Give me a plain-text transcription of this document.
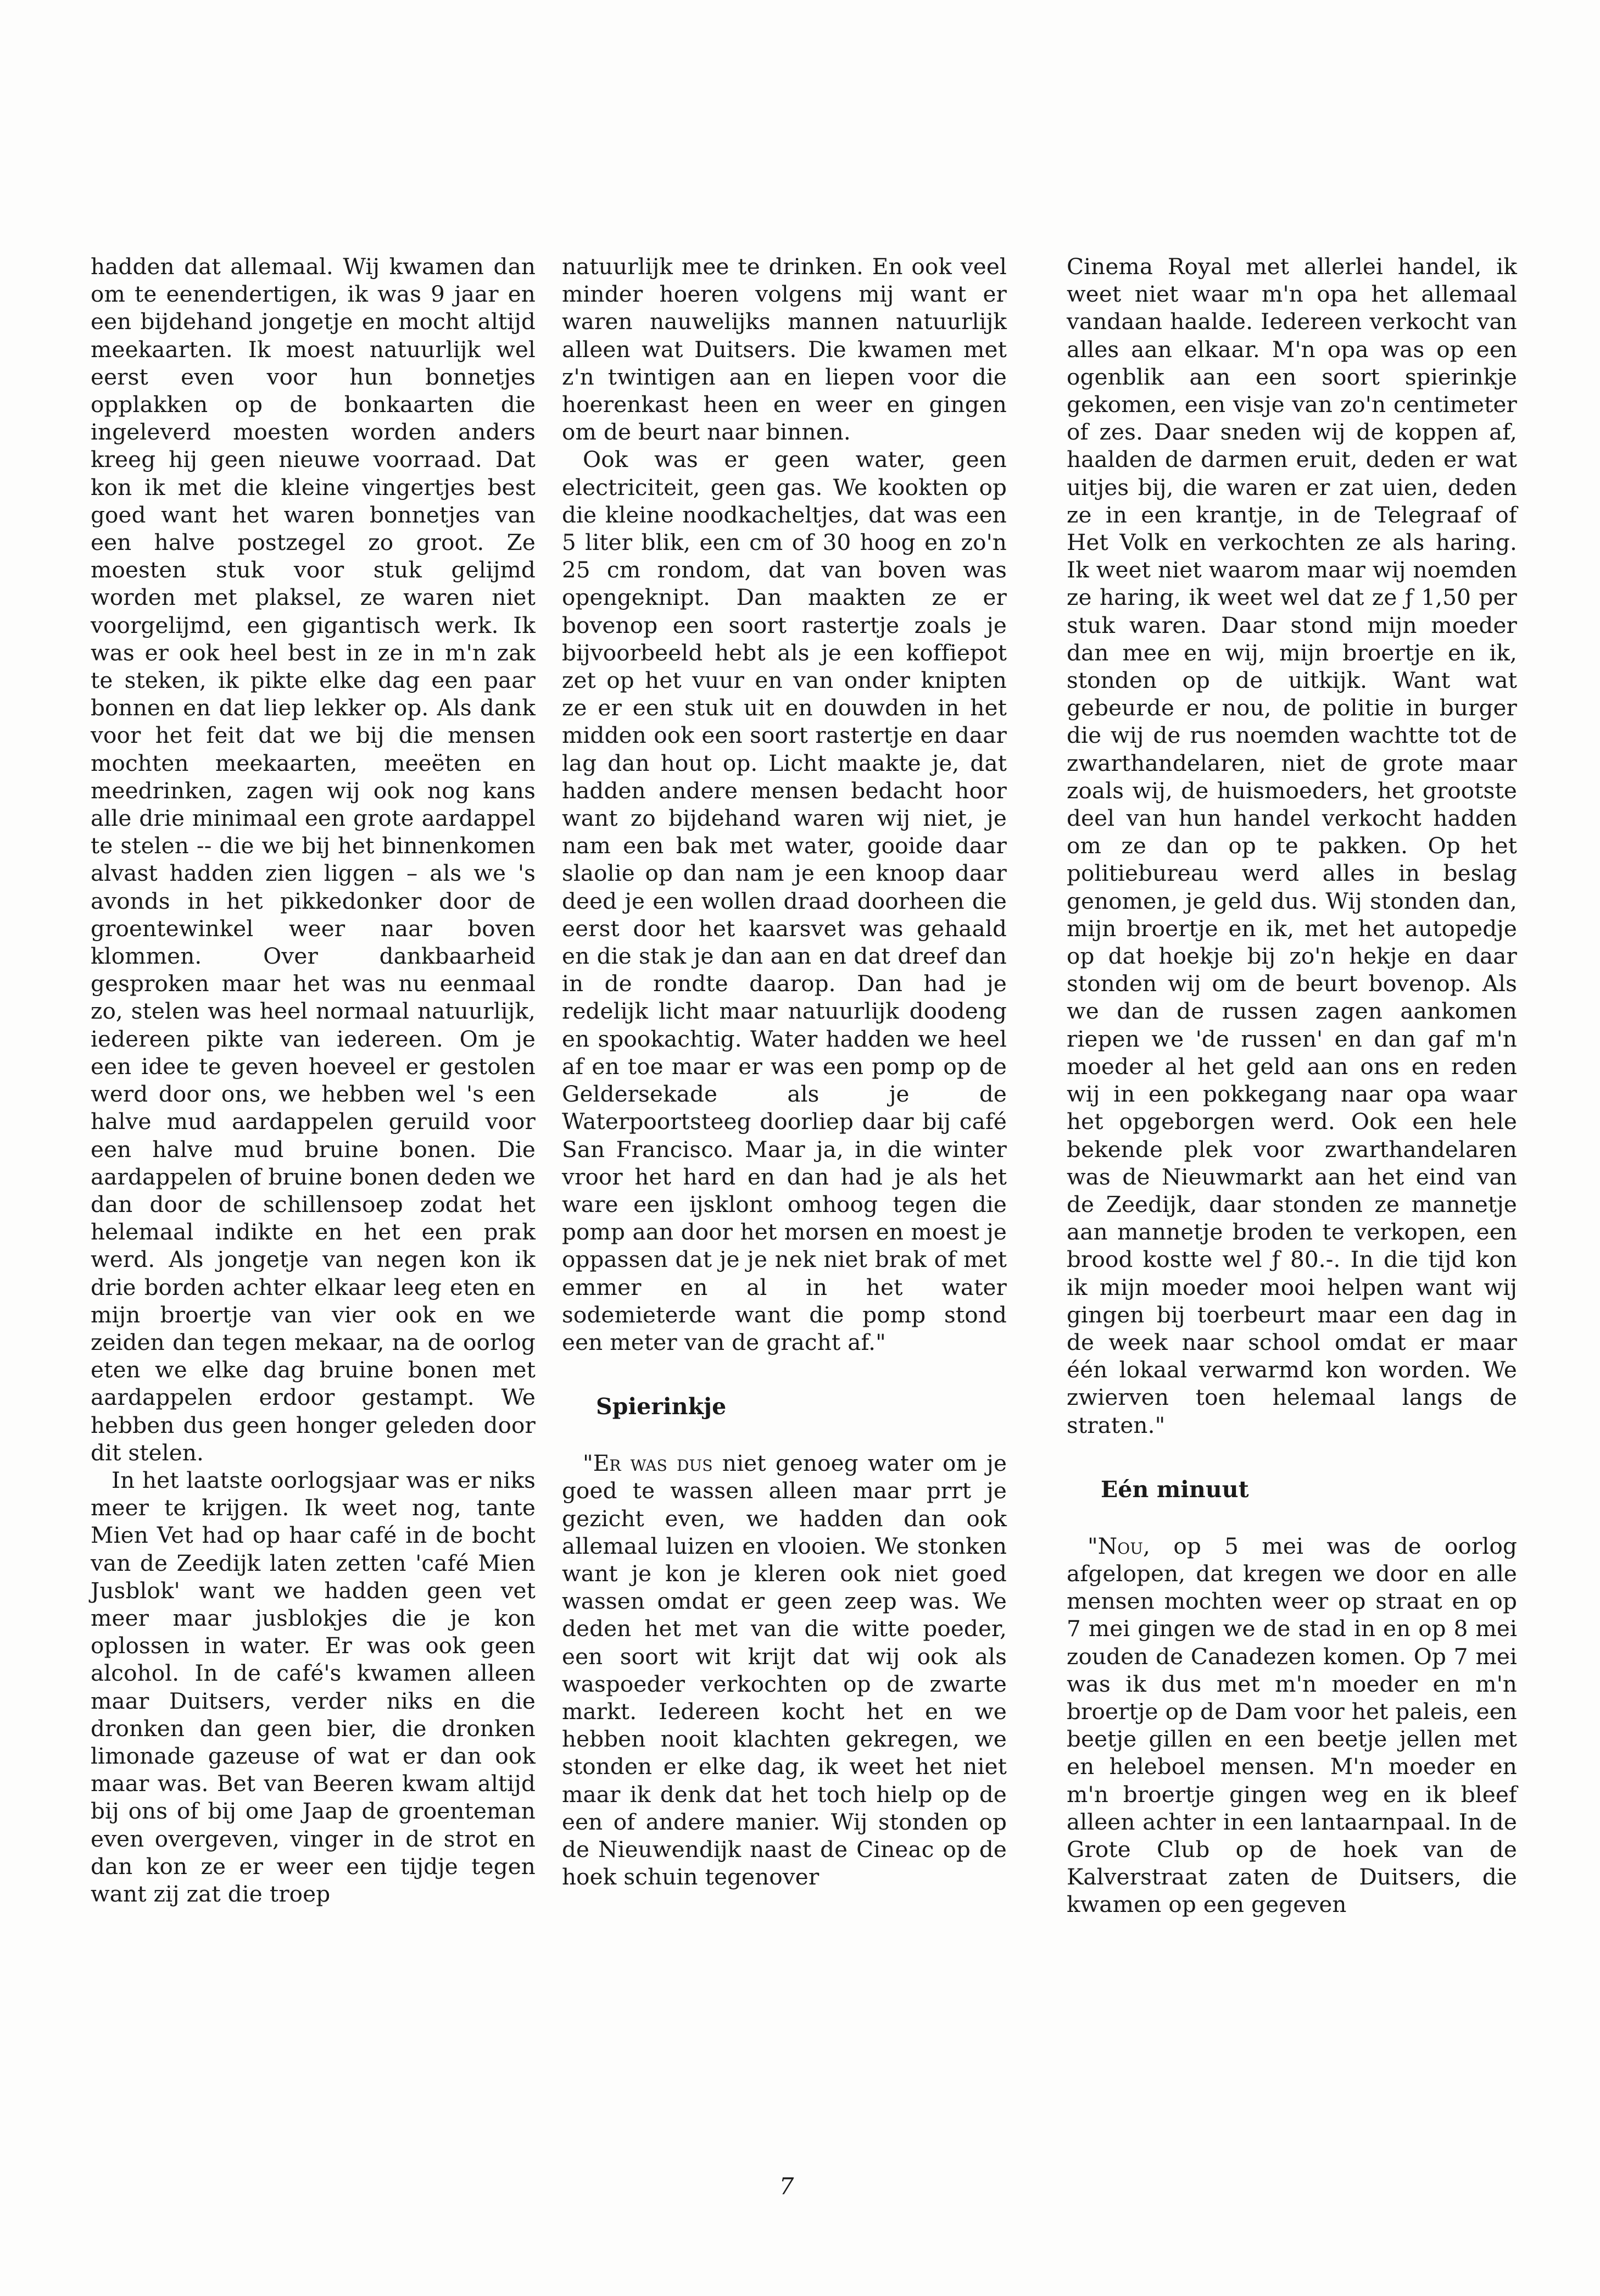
hadden dat allemaal. Wij kwamen dan om te eenendertigen, ik was 9 jaar en een bijdehand jongetje en mocht altijd meekaarten. Ik moest natuurlijk wel eerst even voor hun bonnetjes opplakken op de bonkaarten die ingeleverd moesten worden anders kreeg hij geen nieuwe voorraad. Dat kon ik met die kleine vingertjes best goed want het waren bonnetjes van een halve postzegel zo groot. Ze moesten stuk voor stuk gelijmd worden met plaksel, ze waren niet voorgelijmd, een gigantisch werk. Ik was er ook heel best in ze in m'n zak te steken, ik pikte elke dag een paar bonnen en dat liep lekker op. Als dank voor het feit dat we bij die mensen mochten meekaarten, meeëten en meedrinken, zagen wij ook nog kans alle drie minimaal een grote aardappel te stelen -- die we bij het binnenkomen alvast hadden zien liggen – als we 's avonds in het pikkedonker door de groentewinkel weer naar boven klommen. Over dankbaarheid gesproken maar het was nu eenmaal zo, stelen was heel normaal natuurlijk, iedereen pikte van iedereen. Om je een idee te geven hoeveel er gestolen werd door ons, we hebben wel 's een halve mud aardappelen geruild voor een halve mud bruine bonen. Die aardappelen of bruine bonen deden we dan door de schillensoep zodat het helemaal indikte en het een prak werd. Als jongetje van negen kon ik drie borden achter elkaar leeg eten en mijn broertje van vier ook en we zeiden dan tegen mekaar, na de oorlog eten we elke dag bruine bonen met aardappelen erdoor gestampt. We hebben dus geen honger geleden door dit stelen.

In het laatste oorlogsjaar was er niks meer te krijgen. Ik weet nog, tante Mien Vet had op haar café in de bocht van de Zeedijk laten zetten 'café Mien Jusblok' want we hadden geen vet meer maar jusblokjes die je kon oplossen in water. Er was ook geen alcohol. In de café's kwamen alleen maar Duitsers, verder niks en die dronken dan geen bier, die dronken limonade gazeuse of wat er dan ook maar was. Bet van Beeren kwam altijd bij ons of bij ome Jaap de groenteman even overgeven, vinger in de strot en dan kon ze er weer een tijdje tegen want zij zat die troep

natuurlijk mee te drinken. En ook veel minder hoeren volgens mij want er waren nauwelijks mannen natuurlijk alleen wat Duitsers. Die kwamen met z'n twintigen aan en liepen voor die hoerenkast heen en weer en gingen om de beurt naar binnen.

Ook was er geen water, geen electriciteit, geen gas. We kookten op die kleine noodkacheltjes, dat was een 5 liter blik, een cm of 30 hoog en zo'n 25 cm rondom, dat van boven was opengeknipt. Dan maakten ze er bovenop een soort rastertje zoals je bijvoorbeeld hebt als je een koffiepot zet op het vuur en van onder knipten ze er een stuk uit en douwden in het midden ook een soort rastertje en daar lag dan hout op. Licht maakte je, dat hadden andere mensen bedacht hoor want zo bijdehand waren wij niet, je nam een bak met water, gooide daar slaolie op dan nam je een knoop daar deed je een wollen draad doorheen die eerst door het kaarsvet was gehaald en die stak je dan aan en dat dreef dan in de rondte daarop. Dan had je redelijk licht maar natuurlijk doodeng en spookachtig. Water hadden we heel af en toe maar er was een pomp op de Geldersekade als je de Waterpoortsteeg doorliep daar bij café San Francisco. Maar ja, in die winter vroor het hard en dan had je als het ware een ijsklont omhoog tegen die pomp aan door het morsen en moest je oppassen dat je je nek niet brak of met emmer en al in het water sodemieterde want die pomp stond een meter van de gracht af."

Spierinkje

"Er was dus niet genoeg water om je goed te wassen alleen maar prrt je gezicht even, we hadden dan ook allemaal luizen en vlooien. We stonken want je kon je kleren ook niet goed wassen omdat er geen zeep was. We deden het met van die witte poeder, een soort wit krijt dat wij ook als waspoeder verkochten op de zwarte markt. Iedereen kocht het en we hebben nooit klachten gekregen, we stonden er elke dag, ik weet het niet maar ik denk dat het toch hielp op de een of andere manier. Wij stonden op de Nieuwendijk naast de Cineac op de hoek schuin tegenover

Cinema Royal met allerlei handel, ik weet niet waar m'n opa het allemaal vandaan haalde. Iedereen verkocht van alles aan elkaar. M'n opa was op een ogenblik aan een soort spierinkje gekomen, een visje van zo'n centimeter of zes. Daar sneden wij de koppen af, haalden de darmen eruit, deden er wat uitjes bij, die waren er zat uien, deden ze in een krantje, in de Telegraaf of Het Volk en verkochten ze als haring. Ik weet niet waarom maar wij noemden ze haring, ik weet wel dat ze ƒ 1,50 per stuk waren. Daar stond mijn moeder dan mee en wij, mijn broertje en ik, stonden op de uitkijk. Want wat gebeurde er nou, de politie in burger die wij de rus noemden wachtte tot de zwarthandelaren, niet de grote maar zoals wij, de huismoeders, het grootste deel van hun handel verkocht hadden om ze dan op te pakken. Op het politiebureau werd alles in beslag genomen, je geld dus. Wij stonden dan, mijn broertje en ik, met het autopedje op dat hoekje bij zo'n hekje en daar stonden wij om de beurt bovenop. Als we dan de russen zagen aankomen riepen we 'de russen' en dan gaf m'n moeder al het geld aan ons en reden wij in een pokkegang naar opa waar het opgeborgen werd. Ook een hele bekende plek voor zwarthandelaren was de Nieuwmarkt aan het eind van de Zeedijk, daar stonden ze mannetje aan mannetje broden te verkopen, een brood kostte wel ƒ 80.-. In die tijd kon ik mijn moeder mooi helpen want wij gingen bij toerbeurt maar een dag in de week naar school omdat er maar één lokaal verwarmd kon worden. We zwierven toen helemaal langs de straten."

Eén minuut

"Nou, op 5 mei was de oorlog afgelopen, dat kregen we door en alle mensen mochten weer op straat en op 7 mei gingen we de stad in en op 8 mei zouden de Canadezen komen. Op 7 mei was ik dus met m'n moeder en m'n broertje op de Dam voor het paleis, een beetje gillen en een beetje jellen met en heleboel mensen. M'n moeder en m'n broertje gingen weg en ik bleef alleen achter in een lantaarnpaal. In de Grote Club op de hoek van de Kalverstraat zaten de Duitsers, die kwamen op een gegeven

7
